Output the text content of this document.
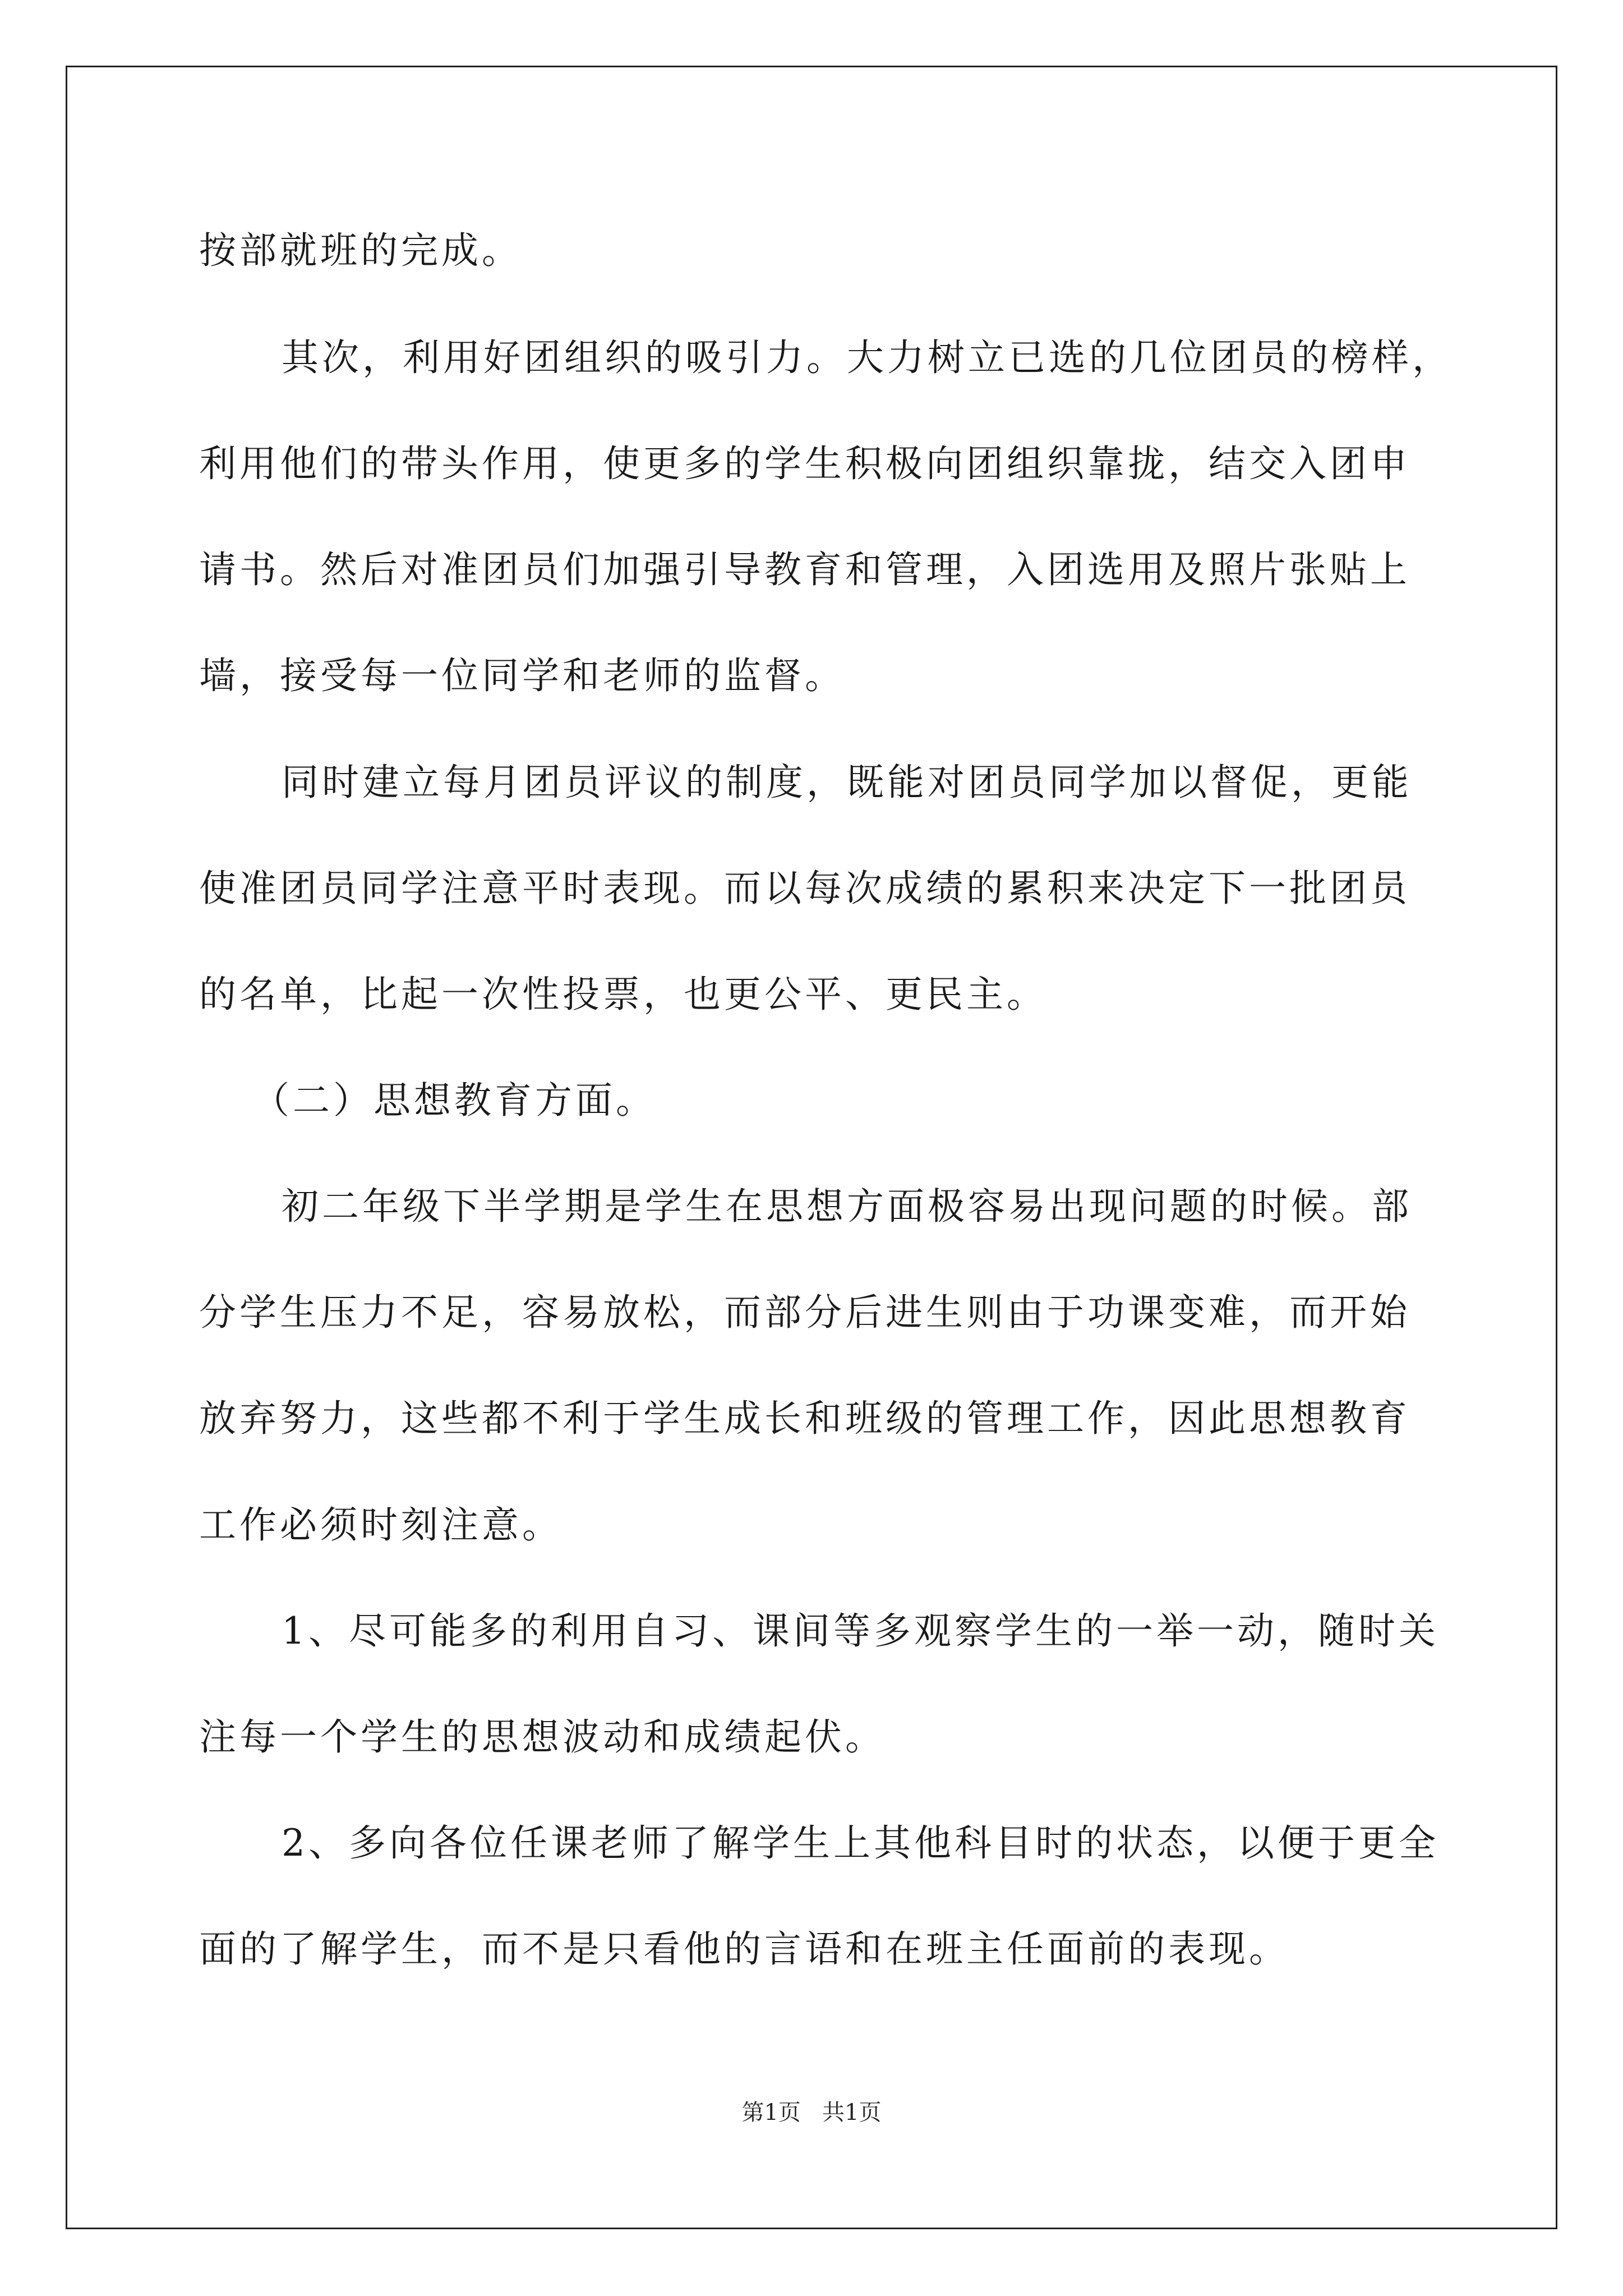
按部就班的完成。
其次，利用好团组织的吸引力。大力树立已选的几位团员的榜样，
利用他们的带头作用，使更多的学生积极向团组织靠拢，结交入团申
请书。然后对准团员们加强引导教育和管理，入团选用及照片张贴上
墙，接受每一位同学和老师的监督。
同时建立每月团员评议的制度，既能对团员同学加以督促，更能
使准团员同学注意平时表现。而以每次成绩的累积来决定下一批团员
的名单，比起一次性投票，也更公平、更民主。
（二）思想教育方面。
初二年级下半学期是学生在思想方面极容易出现问题的时候。部
分学生压力不足，容易放松，而部分后进生则由于功课变难，而开始
放弃努力，这些都不利于学生成长和班级的管理工作，因此思想教育
工作必须时刻注意。
1、尽可能多的利用自习、课间等多观察学生的一举一动，随时关
注每一个学生的思想波动和成绩起伏。
2、多向各位任课老师了解学生上其他科目时的状态，以便于更全
面的了解学生，而不是只看他的言语和在班主任面前的表现。
第1页   共1页
